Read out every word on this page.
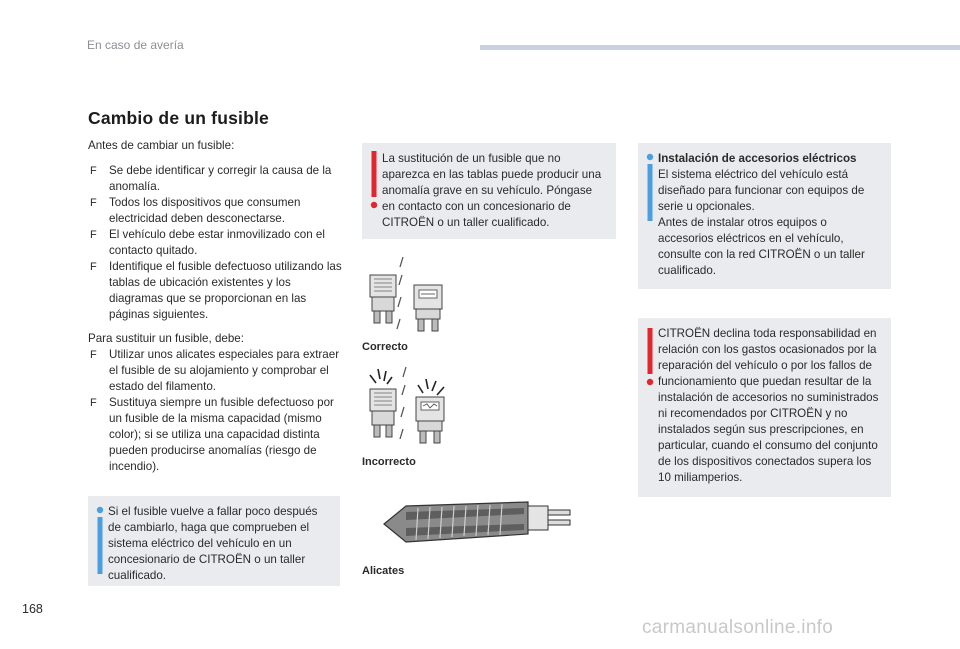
En caso de avería
Cambio de un fusible

Antes de cambiar un fusible:

F Se debe identificar y corregir la causa de la anomalía.
F Todos los dispositivos que consumen electricidad deben desconectarse.
F El vehículo debe estar inmovilizado con el contacto quitado.
F Identifique el fusible defectuoso utilizando las tablas de ubicación existentes y los diagramas que se proporcionan en las páginas siguientes.

Para sustituir un fusible, debe:

F Utilizar unos alicates especiales para extraer el fusible de su alojamiento y comprobar el estado del filamento.
F Sustituya siempre un fusible defectuoso por un fusible de la misma capacidad (mismo color); si se utiliza una capacidad distinta pueden producirse anomalías (riesgo de incendio).
Si el fusible vuelve a fallar poco después de cambiarlo, haga que comprueben el sistema eléctrico del vehículo en un concesionario de CITROËN o un taller cualificado.
La sustitución de un fusible que no aparezca en las tablas puede producir una anomalía grave en su vehículo. Póngase en contacto con un concesionario de CITROËN o un taller cualificado.
Correcto
Incorrecto
Alicates
Instalación de accesorios eléctricos
El sistema eléctrico del vehículo está diseñado para funcionar con equipos de serie u opcionales.
Antes de instalar otros equipos o accesorios eléctricos en el vehículo, consulte con la red CITROËN o un taller cualificado.
CITROËN declina toda responsabilidad en relación con los gastos ocasionados por la reparación del vehículo o por los fallos de funcionamiento que puedan resultar de la instalación de accesorios no suministrados ni recomendados por CITROËN y no instalados según sus prescripciones, en particular, cuando el consumo del conjunto de los dispositivos conectados supera los 10 miliamperios.
168
carmanualsonline.info
